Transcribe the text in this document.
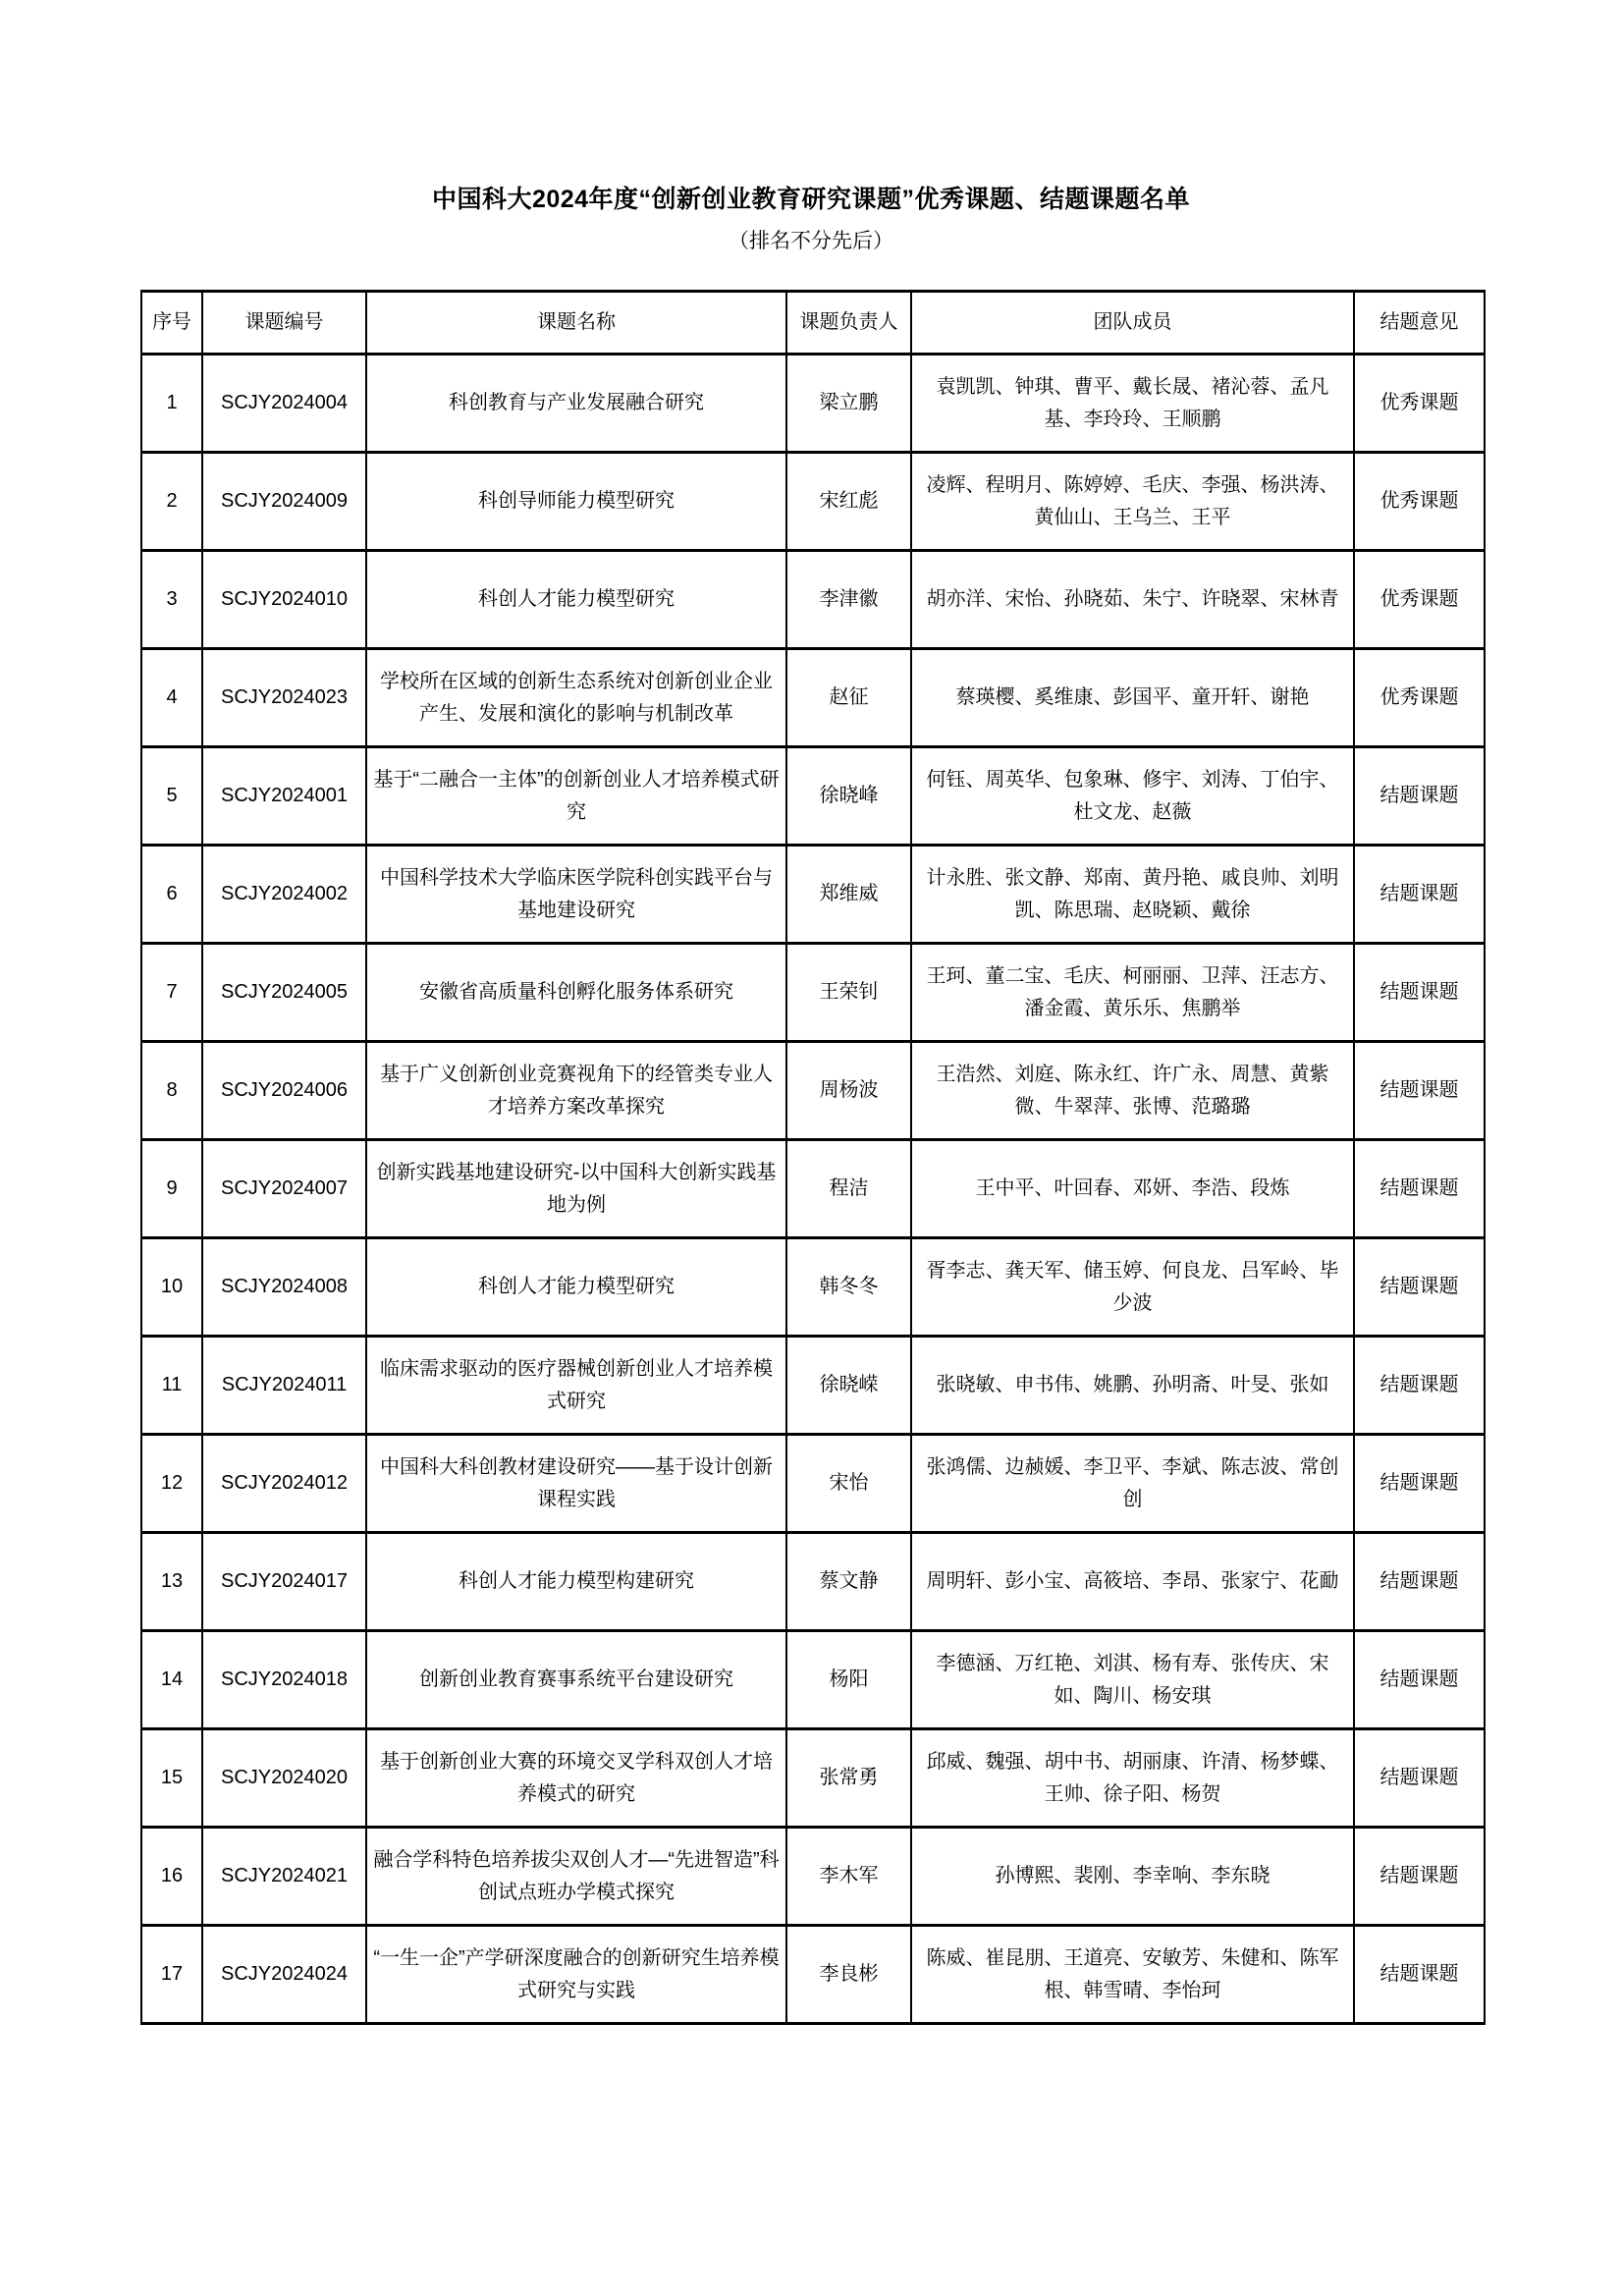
中国科大2024年度“创新创业教育研究课题”优秀课题、结题课题名单
（排名不分先后）
序号	课题编号	课题名称	课题负责人	团队成员	结题意见
1	SCJY2024004	科创教育与产业发展融合研究	梁立鹏	袁凯凯、钟琪、曹平、戴长晟、褚沁蓉、孟凡基、李玲玲、王顺鹏	优秀课题
2	SCJY2024009	科创导师能力模型研究	宋红彪	凌辉、程明月、陈婷婷、毛庆、李强、杨洪涛、黄仙山、王乌兰、王平	优秀课题
3	SCJY2024010	科创人才能力模型研究	李津徽	胡亦洋、宋怡、孙晓茹、朱宁、许晓翠、宋林青	优秀课题
4	SCJY2024023	学校所在区域的创新生态系统对创新创业企业产生、发展和演化的影响与机制改革	赵征	蔡瑛樱、奚维康、彭国平、童开轩、谢艳	优秀课题
5	SCJY2024001	基于“二融合一主体”的创新创业人才培养模式研究	徐晓峰	何钰、周英华、包象琳、修宇、刘涛、丁伯宇、杜文龙、赵薇	结题课题
6	SCJY2024002	中国科学技术大学临床医学院科创实践平台与基地建设研究	郑维威	计永胜、张文静、郑南、黄丹艳、戚良帅、刘明凯、陈思瑞、赵晓颖、戴徐	结题课题
7	SCJY2024005	安徽省高质量科创孵化服务体系研究	王荣钊	王珂、董二宝、毛庆、柯丽丽、卫萍、汪志方、潘金霞、黄乐乐、焦鹏举	结题课题
8	SCJY2024006	基于广义创新创业竞赛视角下的经管类专业人才培养方案改革探究	周杨波	王浩然、刘庭、陈永红、许广永、周慧、黄紫微、牛翠萍、张博、范璐璐	结题课题
9	SCJY2024007	创新实践基地建设研究-以中国科大创新实践基地为例	程洁	王中平、叶回春、邓妍、李浩、段炼	结题课题
10	SCJY2024008	科创人才能力模型研究	韩冬冬	胥李志、龚天军、储玉婷、何良龙、吕军岭、毕少波	结题课题
11	SCJY2024011	临床需求驱动的医疗器械创新创业人才培养模式研究	徐晓嵘	张晓敏、申书伟、姚鹏、孙明斋、叶旻、张如	结题课题
12	SCJY2024012	中国科大科创教材建设研究——基于设计创新课程实践	宋怡	张鸿儒、边赪媛、李卫平、李斌、陈志波、常创创	结题课题
13	SCJY2024017	科创人才能力模型构建研究	蔡文静	周明轩、彭小宝、高筱培、李昂、张家宁、花勔	结题课题
14	SCJY2024018	创新创业教育赛事系统平台建设研究	杨阳	李德涵、万红艳、刘淇、杨有寿、张传庆、宋如、陶川、杨安琪	结题课题
15	SCJY2024020	基于创新创业大赛的环境交叉学科双创人才培养模式的研究	张常勇	邱威、魏强、胡中书、胡丽康、许清、杨梦蝶、王帅、徐子阳、杨贺	结题课题
16	SCJY2024021	融合学科特色培养拔尖双创人才—“先进智造”科创试点班办学模式探究	李木军	孙博熙、裴刚、李幸响、李东晓	结题课题
17	SCJY2024024	“一生一企”产学研深度融合的创新研究生培养模式研究与实践	李良彬	陈威、崔昆朋、王道亮、安敏芳、朱健和、陈军根、韩雪晴、李怡珂	结题课题
